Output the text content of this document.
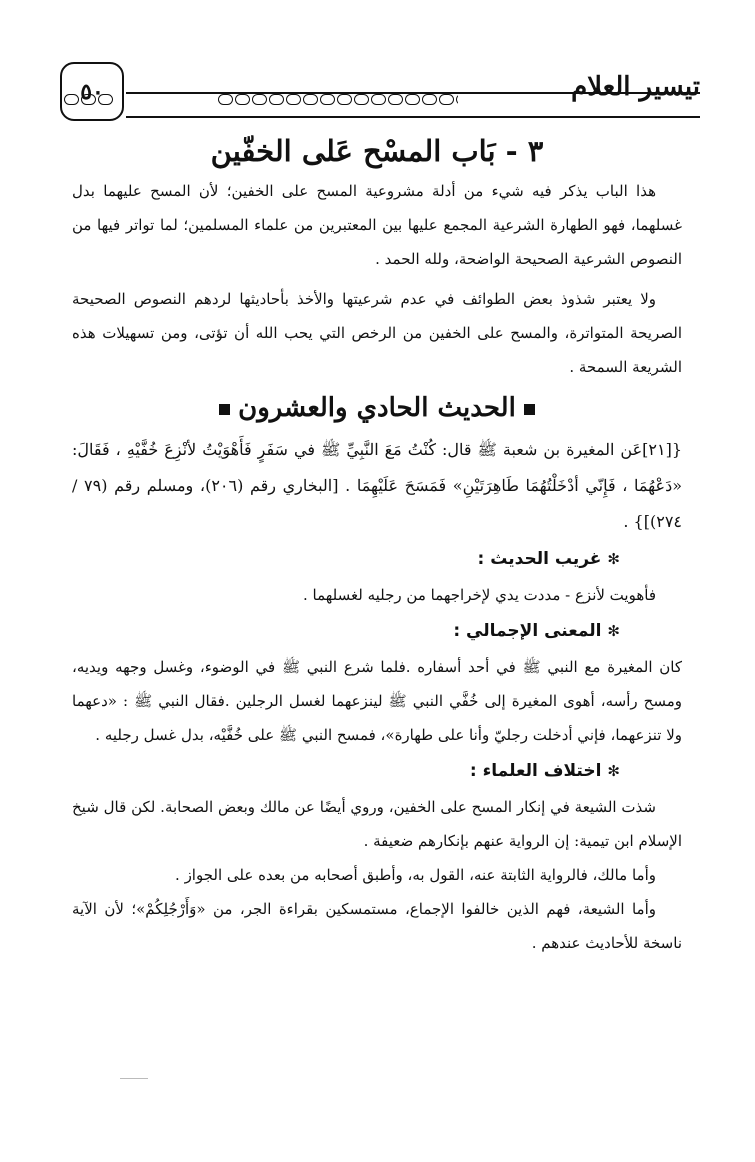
٥٠	تيسير العلام
٣ - بَاب المسْح عَلى الخفّين

هذا الباب يذكر فيه شيء من أدلة مشروعية المسح على الخفين؛ لأن المسح عليهما بدل غسلهما، فهو الطهارة الشرعية المجمع عليها بين المعتبرين من علماء المسلمين؛ لما تواتر فيها من النصوص الشرعية الصحيحة الواضحة، ولله الحمد .

ولا يعتبر شذوذ بعض الطوائف في عدم شرعيتها والأخذ بأحاديثها لردهم النصوص الصحيحة الصريحة المتواترة، والمسح على الخفين من الرخص التي يحب الله أن تؤتى، ومن تسهيلات هذه الشريعة السمحة .

الحديث الحادي والعشرون

{[٢١]عَن المغيرة بن شعبة ﷺ قال: كُنْتُ مَعَ النَّبِيِّ ﷺ في سَفَرٍ فَأَهْوَيْتُ لأنْزِعَ خُفَّيْهِ ، فَقَالَ: «دَعْهُمَا ، فَإِنّي أدْخَلْتُهُمَا طَاهِرَتَيْنِ» فَمَسَحَ عَلَيْهِمَا . [البخاري رقم (٢٠٦)، ومسلم رقم (٧٩ / ٢٧٤)]} .

✻غريب الحديث :

فأهويت لأنزع - مددت يدي لإخراجهما من رجليه لغسلهما .

✻المعنى الإجمالي :

كان المغيرة مع النبي ﷺ في أحد أسفاره .فلما شرع النبي ﷺ في الوضوء، وغسل وجهه ويديه، ومسح رأسه، أهوى المغيرة إلى خُفَّي النبي ﷺ لينزعهما لغسل الرجلين .فقال النبي ﷺ : «دعهما ولا تنزعهما، فإني أدخلت رجليّ وأنا على طهارة»، فمسح النبي ﷺ على خُفَّيْه، بدل غسل رجليه .

✻اختلاف العلماء :

شذت الشيعة في إنكار المسح على الخفين، وروي أيضًا عن مالك وبعض الصحابة. لكن قال شيخ الإسلام ابن تيمية: إن الرواية عنهم بإنكارهم ضعيفة .

وأما مالك، فالرواية الثابتة عنه، القول به، وأطبق أصحابه من بعده على الجواز .

وأما الشيعة، فهم الذين خالفوا الإجماع، مستمسكين بقراءة الجر، من «وَأَرْجُلِكُمْ»؛ لأن الآية ناسخة للأحاديث عندهم .
